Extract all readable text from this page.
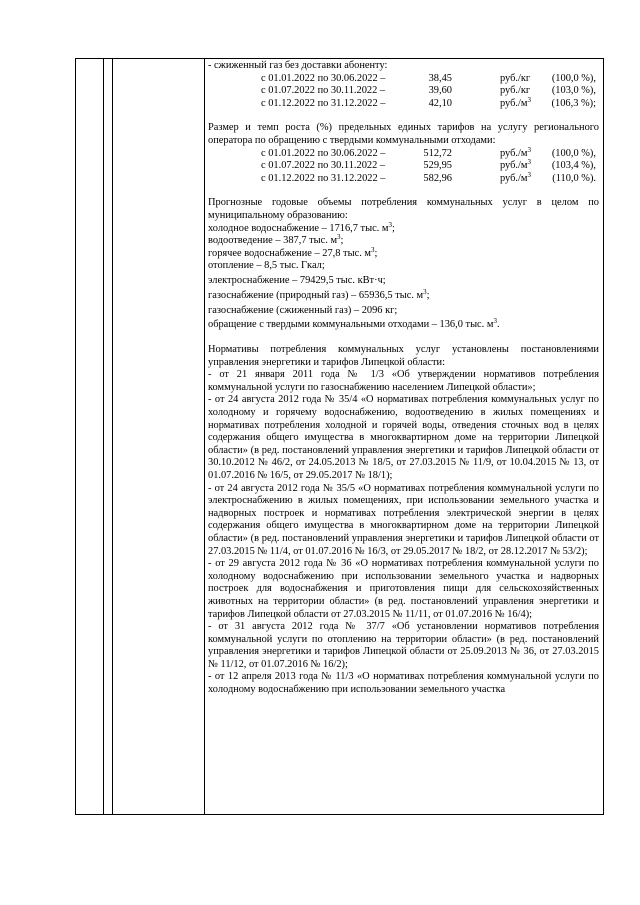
- сжиженный газ без доставки абоненту:

с 01.01.2022 по 30.06.2022 –	38,45	руб./кг (100,0 %),
с 01.07.2022 по 30.11.2022 –	39,60	руб./кг (103,0 %),
с 01.12.2022 по 31.12.2022 –	42,10	$руб./м^3$ (106,3 %);

Размер и темп роста (%) предельных единых тарифов на услугу регионального оператора по обращению с твердыми коммунальными отходами:

с 01.01.2022 по 30.06.2022 –	512,72	$руб./м^3$ (100,0 %),
с 01.07.2022 по 30.11.2022 –	529,95	$руб./м^3$ (103,4 %),
с 01.12.2022 по 31.12.2022 –	582,96	$руб./м^3$ (110,0 %).

Прогнозные годовые объемы потребления коммунальных услуг в целом по муниципальному образованию:

холодное водоснабжение – 1716,7 тыс. $м^3$;

водоотведение – 387,7 тыс. $м^3$;

горячее водоснабжение – 27,8 тыс. $м^3$;

отопление – 8,5 тыс. Гкал;

электроснабжение – 79429,5 тыс. кВт·ч;

газоснабжение (природный газ) – 65936,5 тыс. $м^3$;

газоснабжение (сжиженный газ) – 2096 кг;

обращение с твердыми коммунальными отходами – 136,0 тыс. $м^3$.

Нормативы потребления коммунальных услуг установлены постановлениями управления энергетики и тарифов Липецкой области:

- от 21 января 2011 года № 1/3 «Об утверждении нормативов потребления коммунальной услуги по газоснабжению населением Липецкой области»;

- от 24 августа 2012 года № 35/4 «О нормативах потребления коммунальных услуг по холодному и горячему водоснабжению, водоотведению в жилых помещениях и нормативах потребления холодной и горячей воды, отведения сточных вод в целях содержания общего имущества в многоквартирном доме на территории Липецкой области» (в ред. постановлений управления энергетики и тарифов Липецкой области от 30.10.2012 № 46/2, от 24.05.2013 № 18/5, от 27.03.2015 № 11/9, от 10.04.2015 № 13, от 01.07.2016 № 16/5, от 29.05.2017 № 18/1);

- от 24 августа 2012 года № 35/5 «О нормативах потребления коммунальной услуги по электроснабжению в жилых помещениях, при использовании земельного участка и надворных построек и нормативах потребления электрической энергии в целях содержания общего имущества в многоквартирном доме на территории Липецкой области» (в ред. постановлений управления энергетики и тарифов Липецкой области от 27.03.2015 № 11/4, от 01.07.2016 № 16/3, от 29.05.2017 № 18/2, от 28.12.2017 № 53/2);

- от 29 августа 2012 года № 36 «О нормативах потребления коммунальной услуги по холодному водоснабжению при использовании земельного участка и надворных построек для водоснабжения и приготовления пищи для сельскохозяйственных животных на территории области» (в ред. постановлений управления энергетики и тарифов Липецкой области от 27.03.2015 № 11/11, от 01.07.2016 № 16/4);

- от 31 августа 2012 года № 37/7 «Об установлении нормативов потребления коммунальной услуги по отоплению на территории области» (в ред. постановлений управления энергетики и тарифов Липецкой области от 25.09.2013 № 36, от 27.03.2015 № 11/12, от 01.07.2016 № 16/2);

- от 12 апреля 2013 года № 11/3 «О нормативах потребления коммунальной услуги по холодному водоснабжению при использовании земельного участка
